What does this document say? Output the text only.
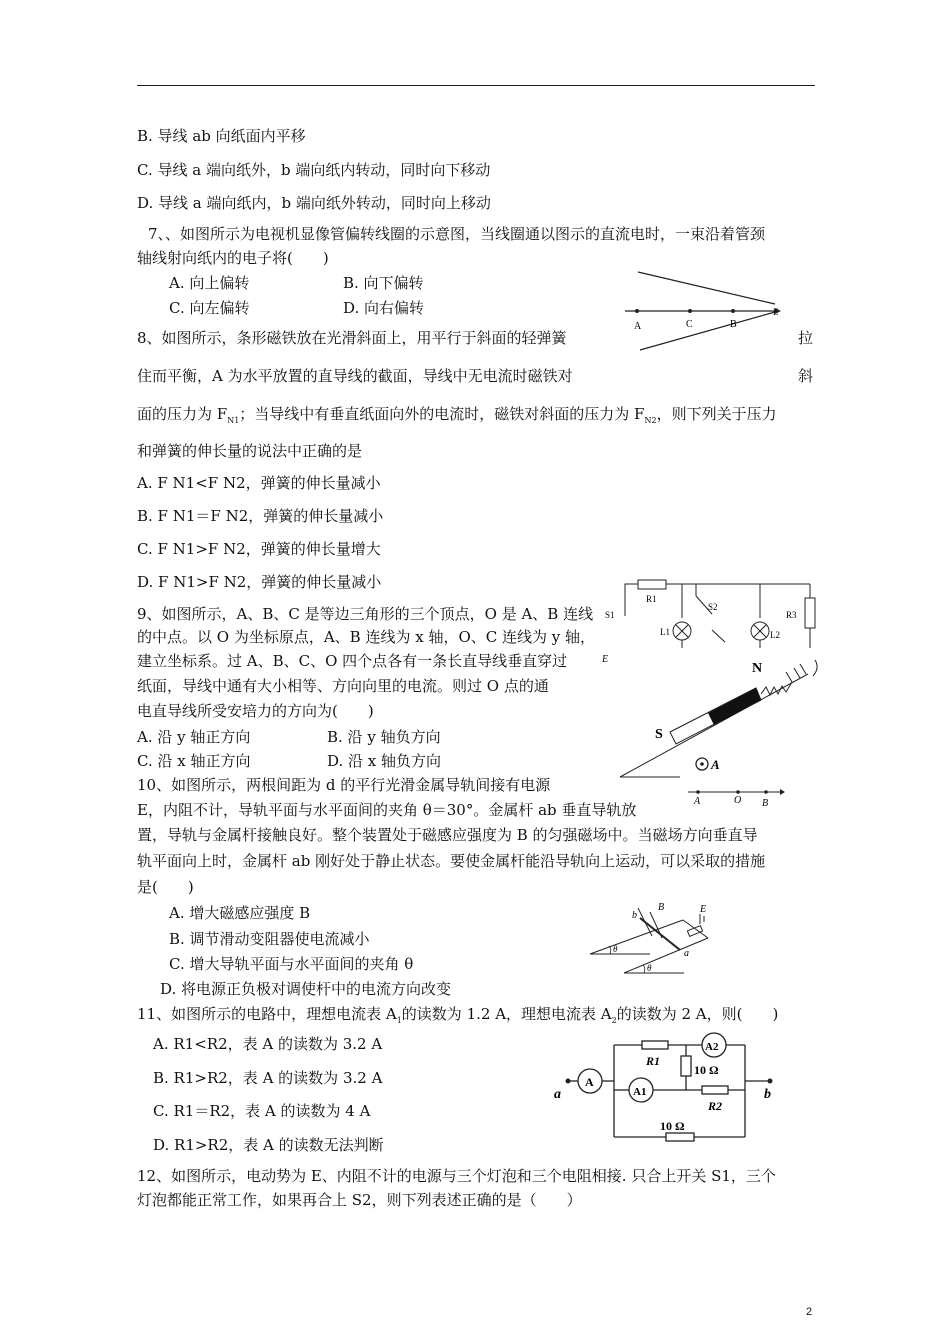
B. 导线 ab 向纸面内平移
C. 导线 a 端向纸外，b 端向纸内转动，同时向下移动
D. 导线 a 端向纸内，b 端向纸外转动，同时向上移动
7、、如图所示为电视机显像管偏转线圈的示意图，当线圈通以图示的直流电时，一束沿着管颈
轴线射向纸内的电子将(　　)
A. 向上偏转	B. 向下偏转
C. 向左偏转	D. 向右偏转
8、如图所示，条形磁铁放在光滑斜面上，用平行于斜面的轻弹簧	拉
住而平衡，A 为水平放置的直导线的截面，导线中无电流时磁铁对	斜
面的压力为 $F_{N1}$；当导线中有垂直纸面向外的电流时，磁铁对斜面的压力为 $F_{N2}$，则下列关于压力
和弹簧的伸长量的说法中正确的是
A. F N1<F N2，弹簧的伸长量减小
B. F N1＝F N2，弹簧的伸长量减小
C. F N1>F N2，弹簧的伸长量增大
D. F N1>F N2，弹簧的伸长量减小
9、如图所示，A、B、C 是等边三角形的三个顶点，O 是 A、B 连线
的中点。以 O 为坐标原点，A、B 连线为 x 轴，O、C 连线为 y 轴，
建立坐标系。过 A、B、C、O 四个点各有一条长直导线垂直穿过
纸面，导线中通有大小相等、方向向里的电流。则过 O 点的通
电直导线所受安培力的方向为(　　)
A. 沿 y 轴正方向	B. 沿 y 轴负方向
C. 沿 x 轴正方向	D. 沿 x 轴负方向
10、如图所示，两根间距为 d 的平行光滑金属导轨间接有电源
E，内阻不计，导轨平面与水平面间的夹角 θ＝30°。金属杆 ab 垂直导轨放
置，导轨与金属杆接触良好。整个装置处于磁感应强度为 B 的匀强磁场中。当磁场方向垂直导
轨平面向上时，金属杆 ab 刚好处于静止状态。要使金属杆能沿导轨向上运动，可以采取的措施
是(　　)
A. 增大磁感应强度 B
B. 调节滑动变阻器使电流减小
C. 增大导轨平面与水平面间的夹角 θ
D. 将电源正负极对调使杆中的电流方向改变
11、如图所示的电路中，理想电流表 $A_1$的读数为 1.2 A，理想电流表 $A_2$的读数为 2 A，则(　　)
A. R1<R2，表 A 的读数为 3.2 A
B. R1>R2，表 A 的读数为 3.2 A
C. R1＝R2，表 A 的读数为 4 A
D. R1>R2，表 A 的读数无法判断
12、如图所示，电动势为 E、内阻不计的电源与三个灯泡和三个电阻相接. 只合上开关 S1，三个
灯泡都能正常工作，如果再合上 S2，则下列表述正确的是（　　）
2
A	C	B
E
R1
S2
R3
S1
L1	L2
E
N
S
A
A	O B
b
B	E
a
θ
θ
A
R1
A2
10 Ω
A1
R2
10 Ω
a	b
